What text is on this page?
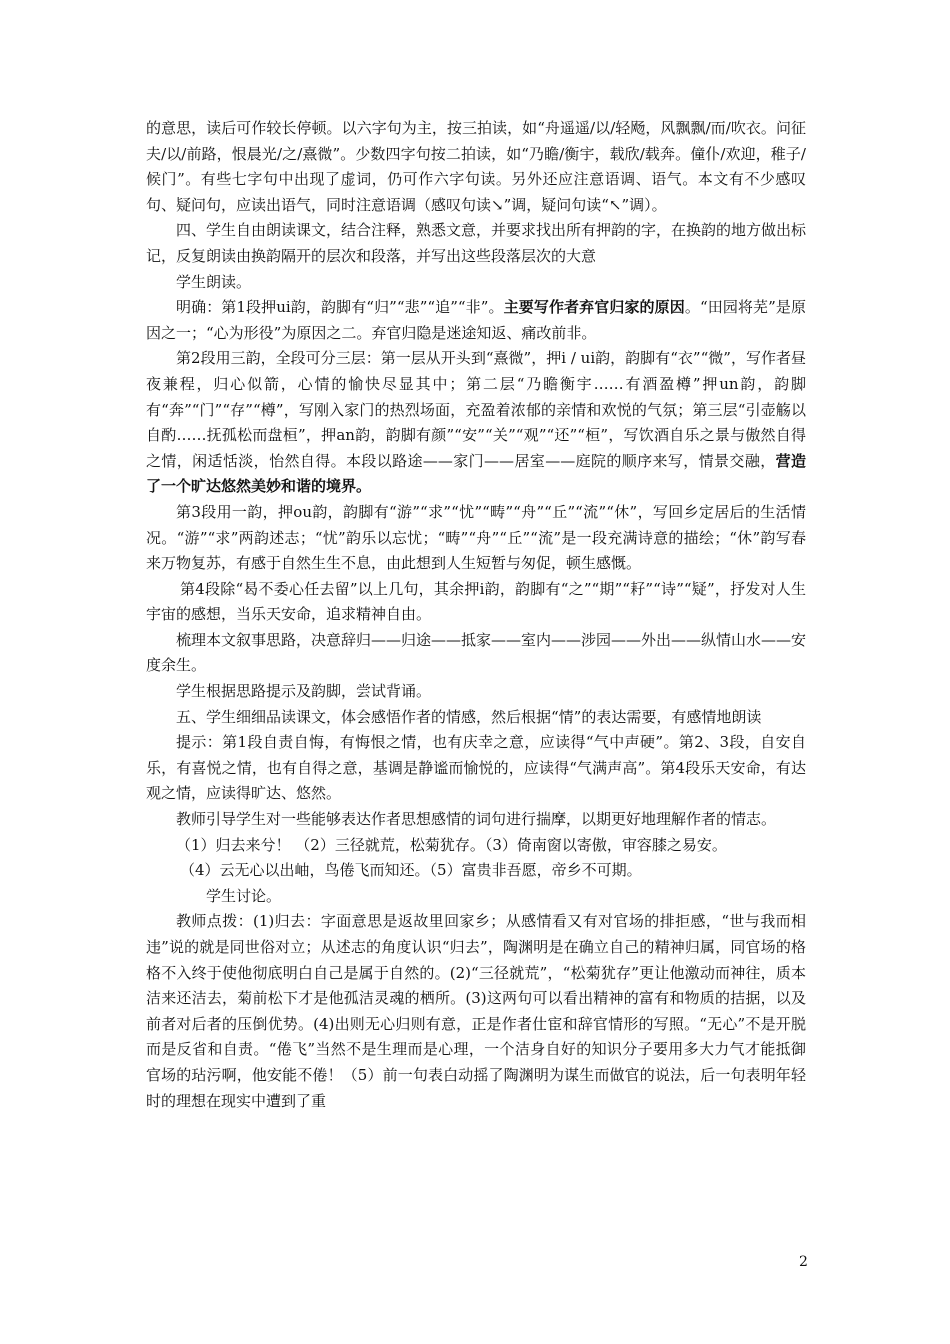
的意思，读后可作较长停顿。以六字句为主，按三拍读，如“舟遥遥/以/轻飏，风飘飘/而/吹衣。问征夫/以/前路，恨晨光/之/熹微”。少数四字句按二拍读，如“乃瞻/衡宇，载欣/载奔。僮仆/欢迎，稚子/候门”。有些七字句中出现了虚词，仍可作六字句读。另外还应注意语调、语气。本文有不少感叹句、疑问句，应读出语气，同时注意语调（感叹句读↘”调，疑问句读“↖”调）。

四、学生自由朗读课文，结合注释，熟悉文意，并要求找出所有押韵的字，在换韵的地方做出标记，反复朗读由换韵隔开的层次和段落，并写出这些段落层次的大意

学生朗读。

明确：第1段押ui韵，韵脚有“归”“悲”“追”“非”。主要写作者弃官归家的原因。“田园将芜”是原因之一；“心为形役”为原因之二。弃官归隐是迷途知返、痛改前非。

第2段用三韵，全段可分三层：第一层从开头到“熹微”，押i / ui韵，韵脚有“衣”“微”，写作者昼夜兼程，归心似箭，心情的愉快尽显其中；第二层“乃瞻衡宇……有酒盈樽”押un韵，韵脚有“奔”“门”“存”“樽”，写刚入家门的热烈场面，充盈着浓郁的亲情和欢悦的气氛；第三层“引壶觞以自酌……抚孤松而盘桓”，押an韵，韵脚有颜”“安”“关”“观”“还”“桓”，写饮酒自乐之景与傲然自得之情，闲适恬淡，怡然自得。本段以路途——家门——居室——庭院的顺序来写，情景交融，营造了一个旷达悠然美妙和谐的境界。

第3段用一韵，押ou韵，韵脚有“游”“求”“忧”“畴”“舟”“丘”“流”“休”，写回乡定居后的生活情况。“游”“求”两韵述志；“忧”韵乐以忘忧；“畴”“舟”“丘”“流”是一段充满诗意的描绘；“休”韵写春来万物复苏，有感于自然生生不息，由此想到人生短暂与匆促，顿生感慨。

第4段除“曷不委心任去留”以上几句，其余押i韵，韵脚有“之”“期”“耔”“诗”“疑”，抒发对人生宇宙的感想，当乐天安命，追求精神自由。

梳理本文叙事思路，决意辞归——归途——抵家——室内——涉园——外出——纵情山水——安度余生。

学生根据思路提示及韵脚，尝试背诵。

五、学生细细品读课文，体会感悟作者的情感，然后根据“情”的表达需要，有感情地朗读

提示：第1段自责自悔，有悔恨之情，也有庆幸之意，应读得“气中声硬”。第2、3段，自安自乐，有喜悦之情，也有自得之意，基调是静谧而愉悦的，应读得“气满声高”。第4段乐天安命，有达观之情，应读得旷达、悠然。

教师引导学生对一些能够表达作者思想感情的词句进行揣摩，以期更好地理解作者的情志。

（1）归去来兮！ （2）三径就荒，松菊犹存。（3）倚南窗以寄傲，审容膝之易安。

（4）云无心以出岫，鸟倦飞而知还。（5）富贵非吾愿，帝乡不可期。

学生讨论。

教师点拨：(1)归去：字面意思是返故里回家乡；从感情看又有对官场的排拒感，“世与我而相违”说的就是同世俗对立；从述志的角度认识“归去”，陶渊明是在确立自己的精神归属，同官场的格格不入终于使他彻底明白自己是属于自然的。(2)“三径就荒”，“松菊犹存”更让他激动而神往，质本洁来还洁去，菊前松下才是他孤洁灵魂的栖所。(3)这两句可以看出精神的富有和物质的拮据，以及前者对后者的压倒优势。(4)出则无心归则有意，正是作者仕宦和辞官情形的写照。“无心”不是开脱而是反省和自责。“倦飞”当然不是生理而是心理，一个洁身自好的知识分子要用多大力气才能抵御官场的玷污啊，他安能不倦！（5）前一句表白动摇了陶渊明为谋生而做官的说法，后一句表明年轻时的理想在现实中遭到了重

2
